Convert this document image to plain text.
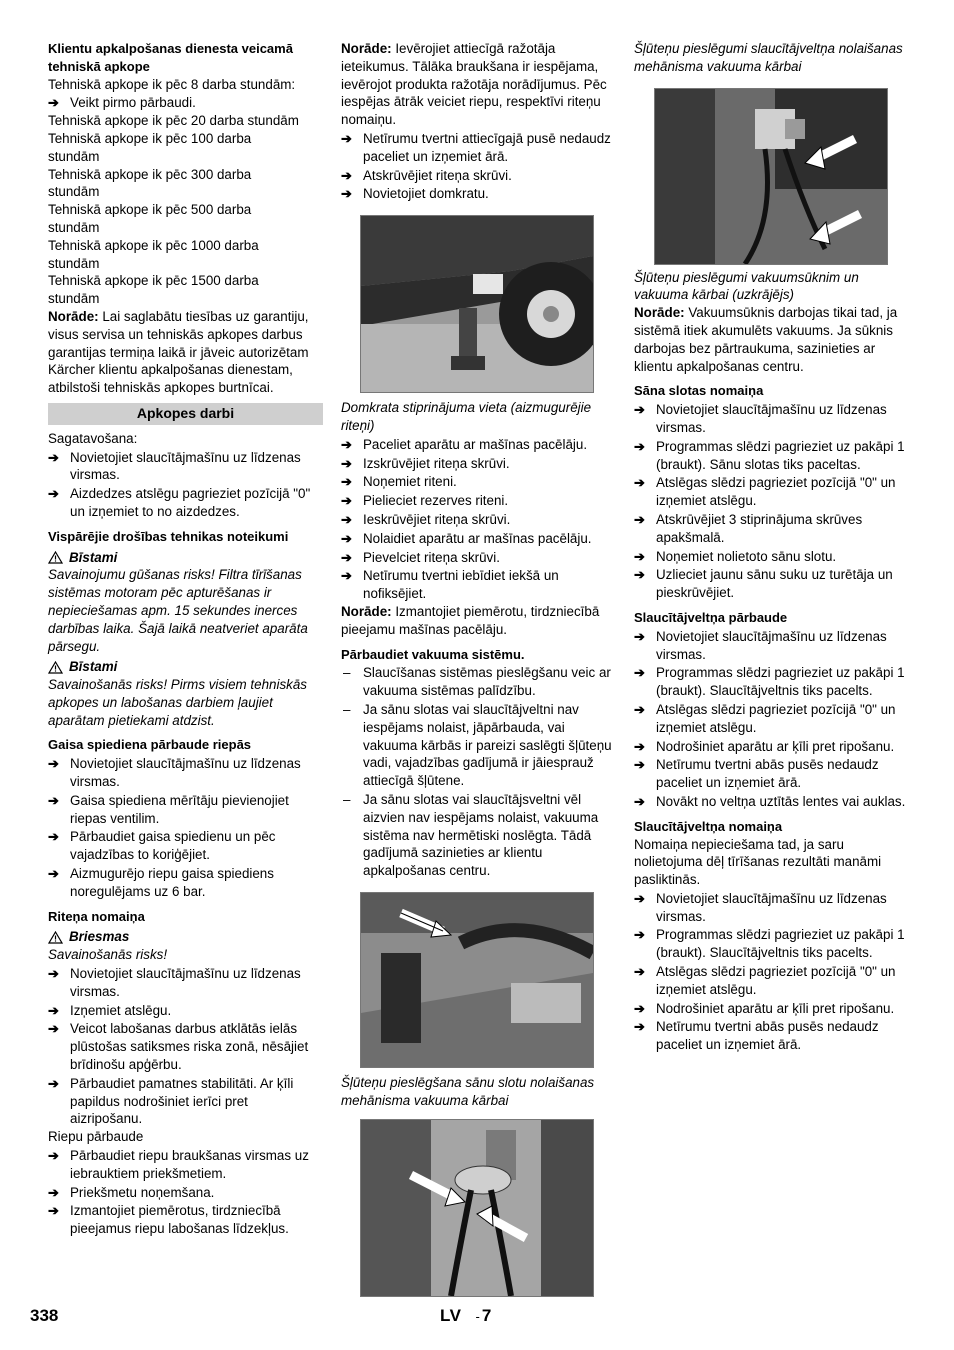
Klientu apkalpošanas dienesta veicamā tehniskā apkope

Tehniskā apkope ik pēc 8 darba stundām:

➔ Veikt pirmo pārbaudi.

Tehniskā apkope ik pēc 20 darba stundām

Tehniskā apkope ik pēc 100 darba stundām

Tehniskā apkope ik pēc 300 darba stundām

Tehniskā apkope ik pēc 500 darba stundām

Tehniskā apkope ik pēc 1000 darba stundām

Tehniskā apkope ik pēc 1500 darba stundām

Norāde: Lai saglabātu tiesības uz garantiju, visus servisa un tehniskās apkopes darbus garantijas termiņa laikā ir jāveic autorizētam Kärcher klientu apkalpošanas dienestam, atbilstoši tehniskās apkopes burtnīcai.

Apkopes darbi

Sagatavošana:

➔ Novietojiet slaucītājmašīnu uz līdzenas virsmas.
➔ Aizdedzes atslēgu pagrieziet pozīcijā "0" un izņemiet to no aizdedzes.

Vispārējie drošības tehnikas noteikumi

Bīstami

Savainojumu gūšanas risks! Filtra tīrīšanas sistēmas motoram pēc apturēšanas ir nepieciešamas apm. 15 sekundes inerces darbības laika. Šajā laikā neatveriet aparāta pārsegu.

Bīstami

Savainošanās risks! Pirms visiem tehniskās apkopes un labošanas darbiem ļaujiet aparātam pietiekami atdzist.

Gaisa spiediena pārbaude riepās

➔ Novietojiet slaucītājmašīnu uz līdzenas virsmas.
➔ Gaisa spiediena mērītāju pievienojiet riepas ventilim.
➔ Pārbaudiet gaisa spiedienu un pēc vajadzības to koriģējiet.
➔ Aizmugurējo riepu gaisa spiediens noregulējams uz 6 bar.

Riteņa nomaiņa

Briesmas

Savainošanās risks!

➔ Novietojiet slaucītājmašīnu uz līdzenas virsmas.
➔ Izņemiet atslēgu.
➔ Veicot labošanas darbus atklātās ielās plūstošas satiksmes riska zonā, nēsājiet brīdinošu apģērbu.
➔ Pārbaudiet pamatnes stabilitāti. Ar ķīli papildus nodrošiniet ierīci pret aizripošanu.

Riepu pārbaude

➔ Pārbaudiet riepu braukšanas virsmas uz iebrauktiem priekšmetiem.
➔ Priekšmetu noņemšana.
➔ Izmantojiet piemērotus, tirdzniecībā pieejamus riepu labošanas līdzekļus.

Norāde: Ievērojiet attiecīgā ražotāja ieteikumus. Tālāka braukšana ir iespējama, ievērojot produkta ražotāja norādījumus. Pēc iespējas ātrāk veiciet riepu, respektīvi riteņu nomaiņu.

➔ Netīrumu tvertni attiecīgajā pusē nedaudz paceliet un izņemiet ārā.
➔ Atskrūvējiet riteņa skrūvi.
➔ Novietojiet domkratu.

Domkrata stiprinājuma vieta (aizmugurējie riteņi)

➔ Paceliet aparātu ar mašīnas pacēlāju.
➔ Izskrūvējiet riteņa skrūvi.
➔ Noņemiet riteni.
➔ Pielieciet rezerves riteni.
➔ Ieskrūvējiet riteņa skrūvi.
➔ Nolaidiet aparātu ar mašīnas pacēlāju.
➔ Pievelciet riteņa skrūvi.
➔ Netīrumu tvertni iebīdiet iekšā un nofiksējiet.

Norāde: Izmantojiet piemērotu, tirdzniecībā pieejamu mašīnas pacēlāju.

Pārbaudiet vakuuma sistēmu.

– Slaucīšanas sistēmas pieslēgšanu veic ar vakuuma sistēmas palīdzību.
– Ja sānu slotas vai slaucītājveltni nav iespējams nolaist, jāpārbauda, vai vakuuma kārbās ir pareizi saslēgti šļūteņu vadi, vajadzības gadījumā ir jāiesprauž attiecīgā šļūtene.
– Ja sānu slotas vai slaucītājsveltni vēl aizvien nav iespējams nolaist, vakuuma sistēma nav hermētiski noslēgta. Tādā gadījumā sazinieties ar klientu apkalpošanas centru.

Šļūteņu pieslēgšana sānu slotu nolaišanas mehānisma vakuuma kārbai

Šļūteņu pieslēgumi slaucītājveltņa nolaišanas mehānisma vakuuma kārbai

Šļūteņu pieslēgumi vakuumsūknim un vakuuma kārbai (uzkrājējs)

Norāde: Vakuumsūknis darbojas tikai tad, ja sistēmā itiek akumulēts vakuums. Ja sūknis darbojas bez pārtraukuma, sazinieties ar klientu apkalpošanas centru.

Sāna slotas nomaiņa

➔ Novietojiet slaucītājmašīnu uz līdzenas virsmas.
➔ Programmas slēdzi pagrieziet uz pakāpi 1 (braukt). Sānu slotas tiks paceltas.
➔ Atslēgas slēdzi pagrieziet pozīcijā "0" un izņemiet atslēgu.
➔ Atskrūvējiet 3 stiprinājuma skrūves apakšmalā.
➔ Noņemiet nolietoto sānu slotu.
➔ Uzlieciet jaunu sānu suku uz turētāja un pieskrūvējiet.

Slaucītājveltņa pārbaude

➔ Novietojiet slaucītājmašīnu uz līdzenas virsmas.
➔ Programmas slēdzi pagrieziet uz pakāpi 1 (braukt). Slaucītājveltnis tiks pacelts.
➔ Atslēgas slēdzi pagrieziet pozīcijā "0" un izņemiet atslēgu.
➔ Nodrošiniet aparātu ar ķīli pret ripošanu.
➔ Netīrumu tvertni abās pusēs nedaudz paceliet un izņemiet ārā.
➔ Novākt no veltņa uztītās lentes vai auklas.

Slaucītājveltņa nomaiņa

Nomaiņa nepieciešama tad, ja saru nolietojuma dēļ tīrīšanas rezultāti manāmi pasliktinās.

➔ Novietojiet slaucītājmašīnu uz līdzenas virsmas.
➔ Programmas slēdzi pagrieziet uz pakāpi 1 (braukt). Slaucītājveltnis tiks pacelts.
➔ Atslēgas slēdzi pagrieziet pozīcijā "0" un izņemiet atslēgu.
➔ Nodrošiniet aparātu ar ķīli pret ripošanu.
➔ Netīrumu tvertni abās pusēs nedaudz paceliet un izņemiet ārā.
338	LV - 7
